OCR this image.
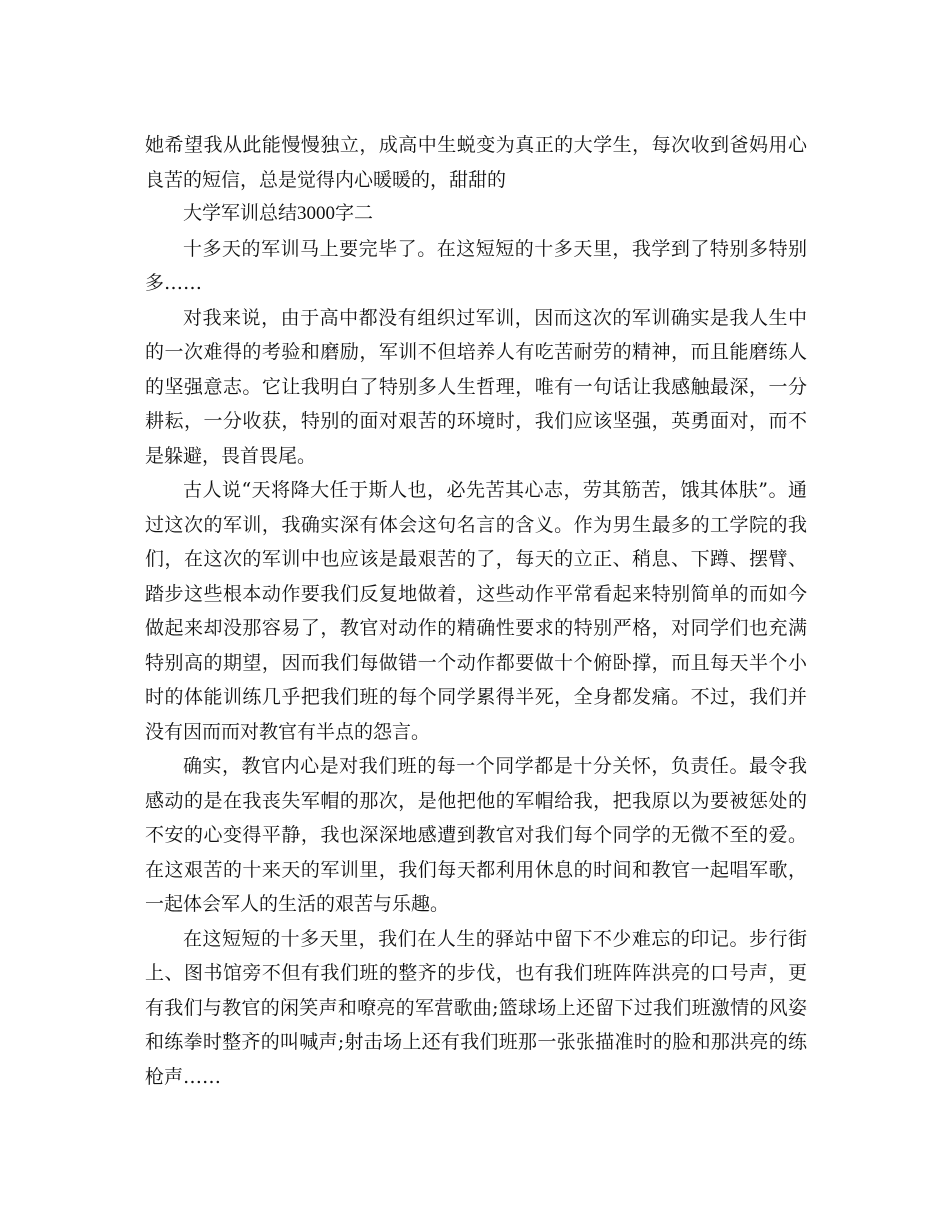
她希望我从此能慢慢独立，成高中生蜕变为真正的大学生，每次收到爸妈用心良苦的短信，总是觉得内心暖暖的，甜甜的

大学军训总结3000字二

十多天的军训马上要完毕了。在这短短的十多天里，我学到了特别多特别多……

对我来说，由于高中都没有组织过军训，因而这次的军训确实是我人生中的一次难得的考验和磨励，军训不但培养人有吃苦耐劳的精神，而且能磨练人的坚强意志。它让我明白了特别多人生哲理，唯有一句话让我感触最深，一分耕耘，一分收获，特别的面对艰苦的环境时，我们应该坚强，英勇面对，而不是躲避，畏首畏尾。

古人说“天将降大任于斯人也，必先苦其心志，劳其筋苦，饿其体肤”。通过这次的军训，我确实深有体会这句名言的含义。作为男生最多的工学院的我们，在这次的军训中也应该是最艰苦的了，每天的立正、稍息、下蹲、摆臂、踏步这些根本动作要我们反复地做着，这些动作平常看起来特别简单的而如今做起来却没那容易了，教官对动作的精确性要求的特别严格，对同学们也充满特别高的期望，因而我们每做错一个动作都要做十个俯卧撑，而且每天半个小时的体能训练几乎把我们班的每个同学累得半死，全身都发痛。不过，我们并没有因而而对教官有半点的怨言。

确实，教官内心是对我们班的每一个同学都是十分关怀，负责任。最令我感动的是在我丧失军帽的那次，是他把他的军帽给我，把我原以为要被惩处的不安的心变得平静，我也深深地感遭到教官对我们每个同学的无微不至的爱。在这艰苦的十来天的军训里，我们每天都利用休息的时间和教官一起唱军歌，一起体会军人的生活的艰苦与乐趣。

在这短短的十多天里，我们在人生的驿站中留下不少难忘的印记。步行街上、图书馆旁不但有我们班的整齐的步伐，也有我们班阵阵洪亮的口号声，更有我们与教官的闲笑声和嘹亮的军营歌曲;篮球场上还留下过我们班激情的风姿和练拳时整齐的叫喊声;射击场上还有我们班那一张张描准时的脸和那洪亮的练枪声……
